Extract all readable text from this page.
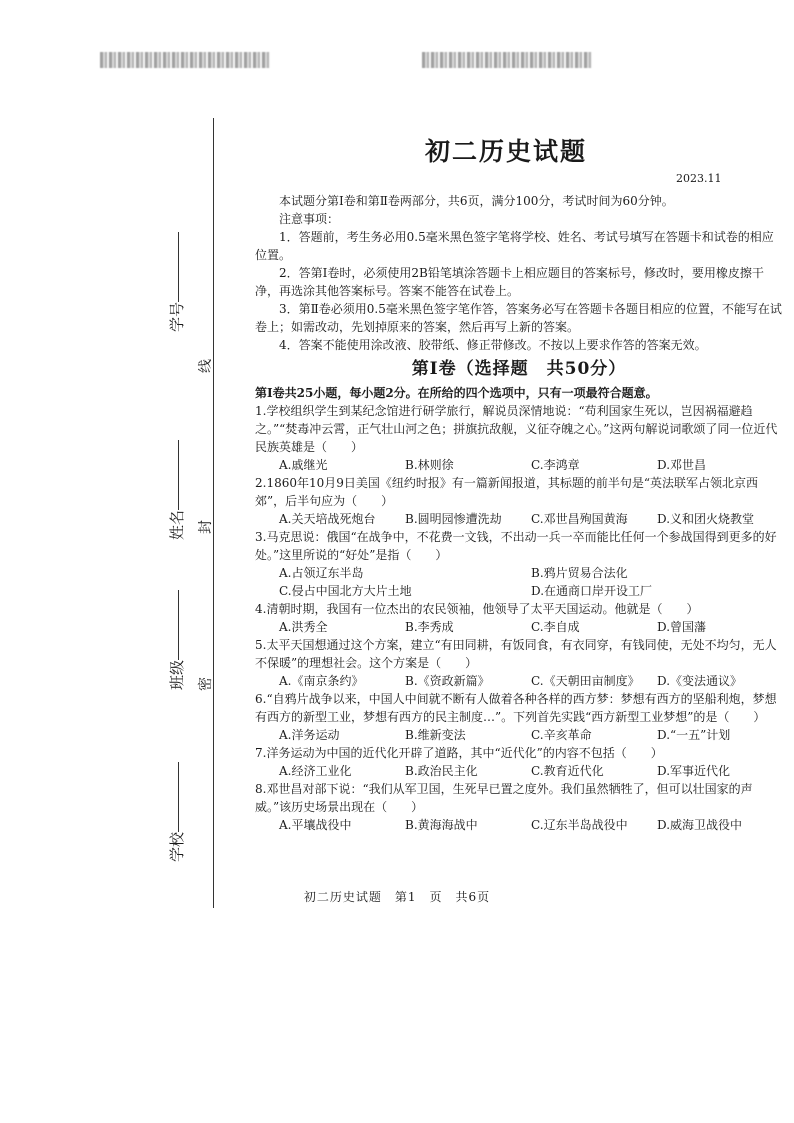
学号
姓名
班级
学校
线
封
密
初二历史试题
2023.11

本试题分第Ⅰ卷和第Ⅱ卷两部分，共6页，满分100分，考试时间为60分钟。

注意事项：

1．答题前，考生务必用0.5毫米黑色签字笔将学校、姓名、考试号填写在答题卡和试卷的相应位置。

2．答第Ⅰ卷时，必须使用2B铅笔填涂答题卡上相应题目的答案标号，修改时，要用橡皮擦干净，再选涂其他答案标号。答案不能答在试卷上。

3．第Ⅱ卷必须用0.5毫米黑色签字笔作答，答案务必写在答题卡各题目相应的位置，不能写在试卷上；如需改动，先划掉原来的答案，然后再写上新的答案。

4．答案不能使用涂改液、胶带纸、修正带修改。不按以上要求作答的答案无效。

第Ⅰ卷（选择题　共50分）

第Ⅰ卷共25小题，每小题2分。在所给的四个选项中，只有一项最符合题意。

1.学校组织学生到某纪念馆进行研学旅行，解说员深情地说：“苟利国家生死以，岂因祸福避趋之。”“焚毒冲云霄，正气壮山河之色；拼旗抗敌舰，义征夺魄之心。”这两句解说词歌颂了同一位近代民族英雄是（　　）

A.戚继光	B.林则徐	C.李鸿章	D.邓世昌

2.1860年10月9日美国《纽约时报》有一篇新闻报道，其标题的前半句是“英法联军占领北京西郊”，后半句应为（　　）

A.关天培战死炮台	B.圆明园惨遭洗劫	C.邓世昌殉国黄海	D.义和团火烧教堂

3.马克思说：俄国“在战争中，不花费一文钱，不出动一兵一卒而能比任何一个参战国得到更多的好处。”这里所说的“好处”是指（　　）

A.占领辽东半岛	B.鸦片贸易合法化
C.侵占中国北方大片土地	D.在通商口岸开设工厂

4.清朝时期，我国有一位杰出的农民领袖，他领导了太平天国运动。他就是（　　）

A.洪秀全	B.李秀成	C.李自成	D.曾国藩

5.太平天国想通过这个方案，建立“有田同耕，有饭同食，有衣同穿，有钱同使，无处不均匀，无人不保暖”的理想社会。这个方案是（　　）

A.《南京条约》	B.《资政新篇》	C.《天朝田亩制度》	D.《变法通议》

6.“自鸦片战争以来，中国人中间就不断有人做着各种各样的西方梦：梦想有西方的坚船利炮，梦想有西方的新型工业，梦想有西方的民主制度…”。下列首先实践“西方新型工业梦想”的是（　　）

A.洋务运动	B.维新变法	C.辛亥革命	D.“一五”计划

7.洋务运动为中国的近代化开辟了道路，其中“近代化”的内容不包括（　　）

A.经济工业化	B.政治民主化	C.教育近代化	D.军事近代化

8.邓世昌对部下说：“我们从军卫国，生死早已置之度外。我们虽然牺牲了，但可以壮国家的声威。”该历史场景出现在（　　）

A.平壤战役中	B.黄海海战中	C.辽东半岛战役中	D.威海卫战役中
初二历史试题　第1　页　共6页
